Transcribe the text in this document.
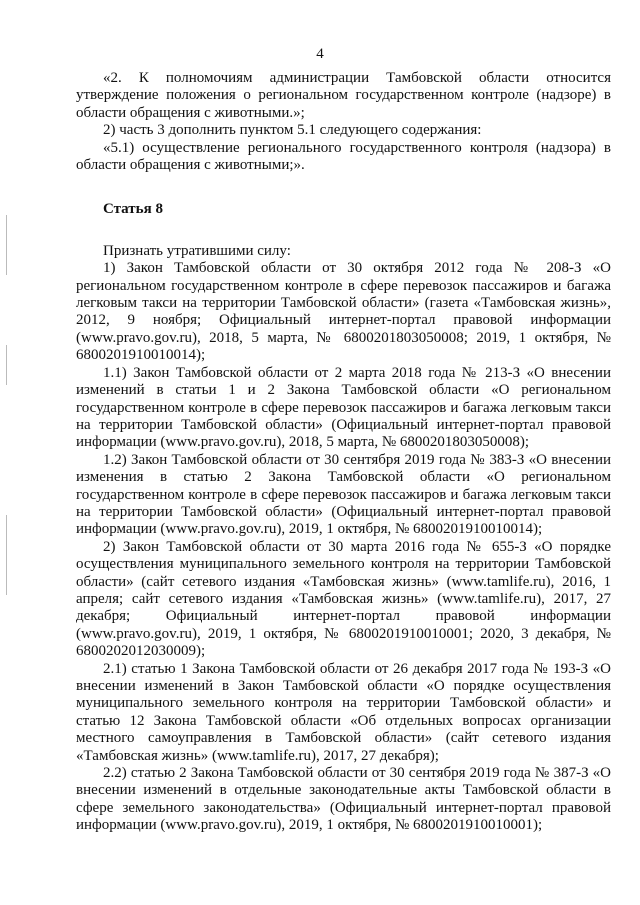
4

«2. К полномочиям администрации Тамбовской области относится утверждение положения о региональном государственном контроле (надзоре) в области обращения с животными.»;

2) часть 3 дополнить пунктом 5.1 следующего содержания:

«5.1) осуществление регионального государственного контроля (надзора) в области обращения с животными;».

Статья 8

Признать утратившими силу:

1) Закон Тамбовской области от 30 октября 2012 года № 208-З «О региональном государственном контроле в сфере перевозок пассажиров и багажа легковым такси на территории Тамбовской области» (газета «Тамбовская жизнь», 2012, 9 ноября; Официальный интернет-портал правовой информации (www.pravo.gov.ru), 2018, 5 марта, № 6800201803050008; 2019, 1 октября, № 6800201910010014);

1.1) Закон Тамбовской области от 2 марта 2018 года № 213-З «О внесении изменений в статьи 1 и 2 Закона Тамбовской области «О региональном государственном контроле в сфере перевозок пассажиров и багажа легковым такси на территории Тамбовской области» (Официальный интернет-портал правовой информации (www.pravo.gov.ru), 2018, 5 марта, № 6800201803050008);

1.2) Закон Тамбовской области от 30 сентября 2019 года № 383-З «О внесении изменения в статью 2 Закона Тамбовской области «О региональном государственном контроле в сфере перевозок пассажиров и багажа легковым такси на территории Тамбовской области» (Официальный интернет-портал правовой информации (www.pravo.gov.ru), 2019, 1 октября, № 6800201910010014);

2) Закон Тамбовской области от 30 марта 2016 года № 655-З «О порядке осуществления муниципального земельного контроля на территории Тамбовской области» (сайт сетевого издания «Тамбовская жизнь» (www.tamlife.ru), 2016, 1 апреля; сайт сетевого издания «Тамбовская жизнь» (www.tamlife.ru), 2017, 27 декабря; Официальный интернет-портал правовой информации (www.pravo.gov.ru), 2019, 1 октября, № 6800201910010001; 2020, 3 декабря, № 6800202012030009);

2.1) статью 1 Закона Тамбовской области от 26 декабря 2017 года № 193-З «О внесении изменений в Закон Тамбовской области «О порядке осуществления муниципального земельного контроля на территории Тамбовской области» и статью 12 Закона Тамбовской области «Об отдельных вопросах организации местного самоуправления в Тамбовской области» (сайт сетевого издания «Тамбовская жизнь» (www.tamlife.ru), 2017, 27 декабря);

2.2) статью 2 Закона Тамбовской области от 30 сентября 2019 года № 387-З «О внесении изменений в отдельные законодательные акты Тамбовской области в сфере земельного законодательства» (Официальный интернет-портал правовой информации (www.pravo.gov.ru), 2019, 1 октября, № 6800201910010001);
